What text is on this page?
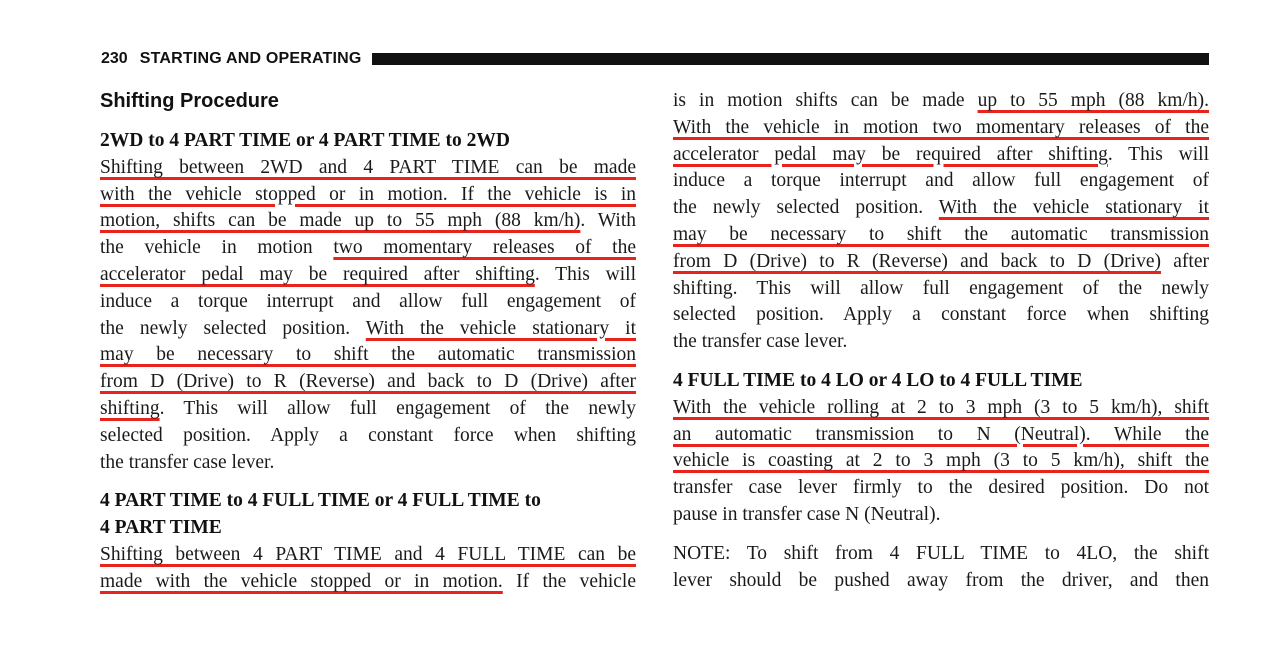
230 STARTING AND OPERATING
Shifting Procedure
2WD to 4 PART TIME or 4 PART TIME to 2WD
Shifting between 2WD and 4 PART TIME can be made
with the vehicle stopped or in motion. If the vehicle is in
motion, shifts can be made up to 55 mph (88 km/h). With
the vehicle in motion two momentary releases of the
accelerator pedal may be required after shifting. This will
induce a torque interrupt and allow full engagement of
the newly selected position. With the vehicle stationary it
may be necessary to shift the automatic transmission
from D (Drive) to R (Reverse) and back to D (Drive) after
shifting. This will allow full engagement of the newly
selected position. Apply a constant force when shifting
the transfer case lever.
4 PART TIME to 4 FULL TIME or 4 FULL TIME to
4 PART TIME
Shifting between 4 PART TIME and 4 FULL TIME can be
made with the vehicle stopped or in motion. If the vehicle
is in motion shifts can be made up to 55 mph (88 km/h).
With the vehicle in motion two momentary releases of the
accelerator pedal may be required after shifting. This will
induce a torque interrupt and allow full engagement of
the newly selected position. With the vehicle stationary it
may be necessary to shift the automatic transmission
from D (Drive) to R (Reverse) and back to D (Drive) after
shifting. This will allow full engagement of the newly
selected position. Apply a constant force when shifting
the transfer case lever.
4 FULL TIME to 4 LO or 4 LO to 4 FULL TIME
With the vehicle rolling at 2 to 3 mph (3 to 5 km/h), shift
an automatic transmission to N (Neutral). While the
vehicle is coasting at 2 to 3 mph (3 to 5 km/h), shift the
transfer case lever firmly to the desired position. Do not
pause in transfer case N (Neutral).
NOTE: To shift from 4 FULL TIME to 4LO, the shift
lever should be pushed away from the driver, and then
